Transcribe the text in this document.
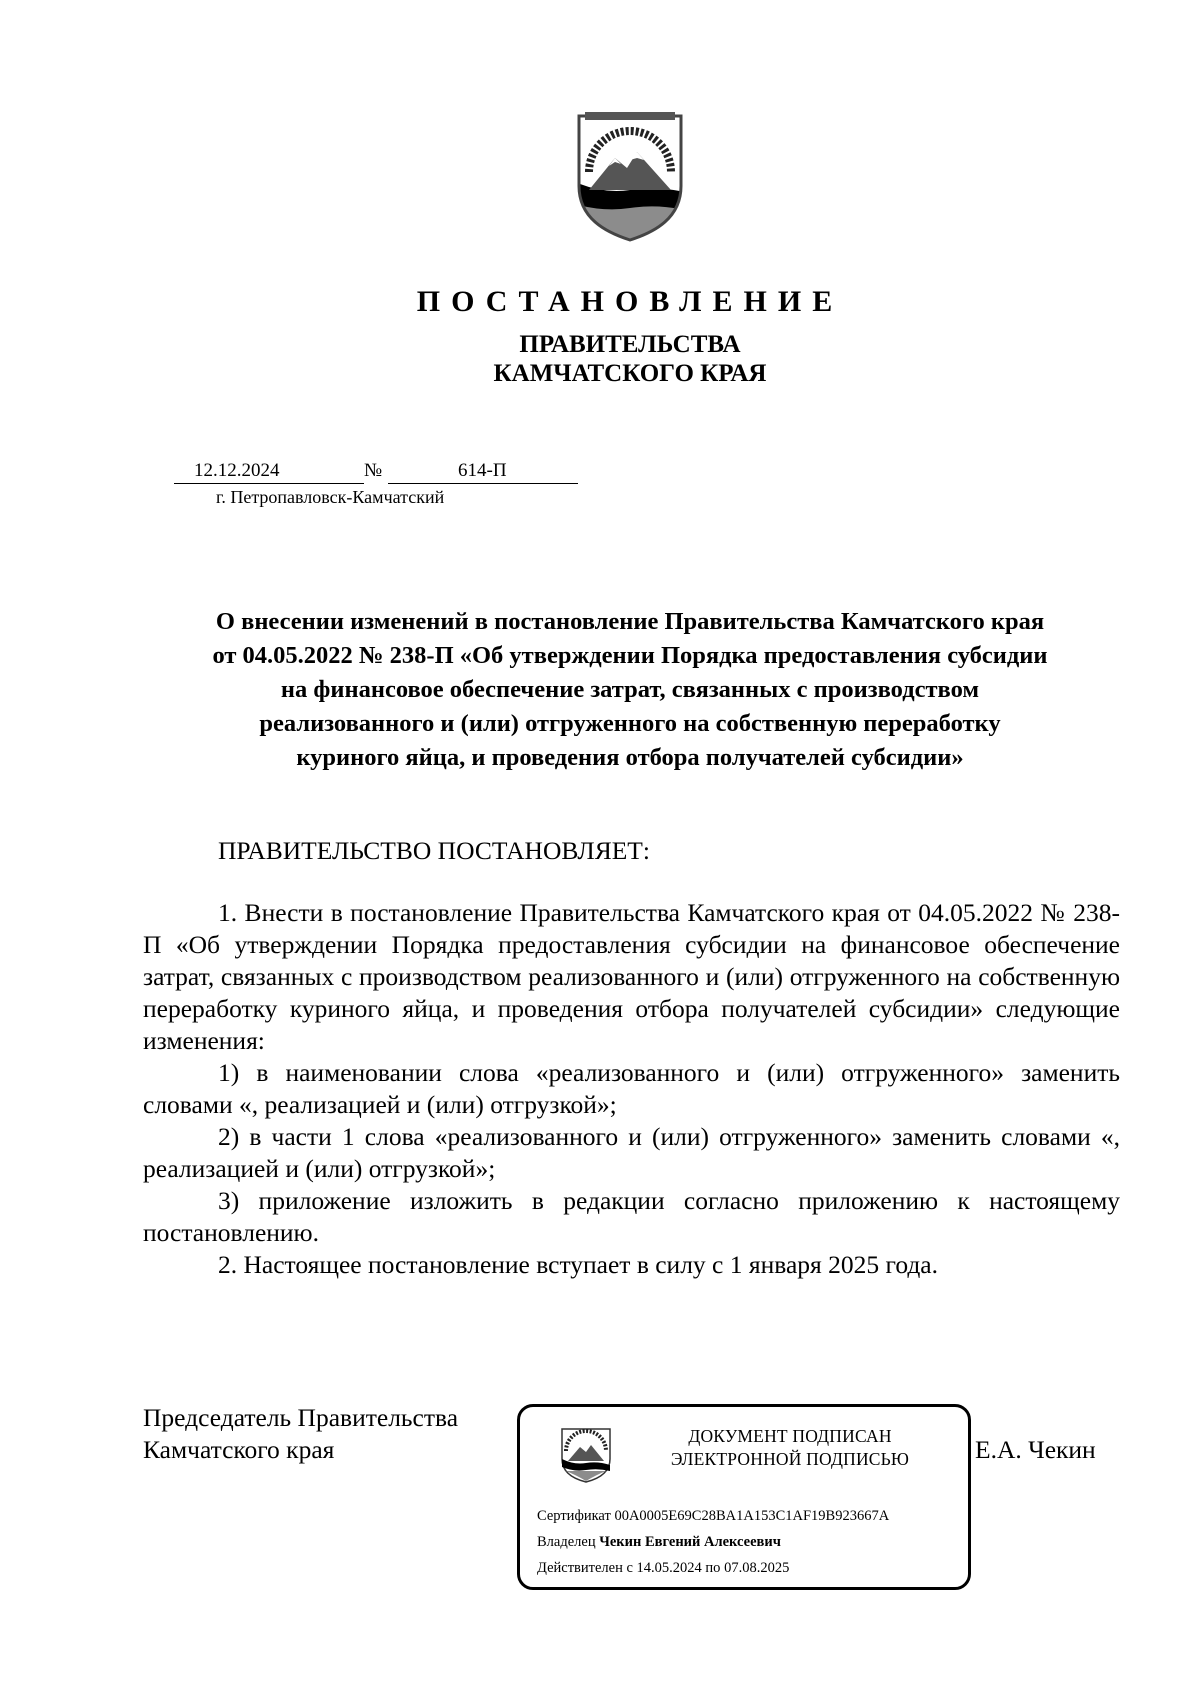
ПОСТАНОВЛЕНИЕ
ПРАВИТЕЛЬСТВА
КАМЧАТСКОГО КРАЯ
12.12.2024	№	614-П
г. Петропавловск-Камчатский
О внесении изменений в постановление Правительства Камчатского края
от 04.05.2022 № 238-П «Об утверждении Порядка предоставления субсидии
на финансовое обеспечение затрат, связанных с производством
реализованного и (или) отгруженного на собственную переработку
куриного яйца, и проведения отбора получателей субсидии»
ПРАВИТЕЛЬСТВО ПОСТАНОВЛЯЕТ:
1. Внести в постановление Правительства Камчатского края от 04.05.2022 № 238-П «Об утверждении Порядка предоставления субсидии на финансовое обеспечение затрат, связанных с производством реализованного и (или) отгруженного на собственную переработку куриного яйца, и проведения отбора получателей субсидии» следующие изменения:
1) в наименовании слова «реализованного и (или) отгруженного» заменить словами «, реализацией и (или) отгрузкой»;
2) в части 1 слова «реализованного и (или) отгруженного» заменить словами «, реализацией и (или) отгрузкой»;
3) приложение изложить в редакции согласно приложению к настоящему постановлению.
2. Настоящее постановление вступает в силу с 1 января 2025 года.
Председатель Правительства
Камчатского края	ДОКУМЕНТ ПОДПИСАН
ЭЛЕКТРОННОЙ ПОДПИСЬЮ
Сертификат 00A0005E69C28BA1A153C1AF19B923667A
Владелец Чекин Евгений Алексеевич
Действителен с 14.05.2024 по 07.08.2025
Е.А. Чекин
